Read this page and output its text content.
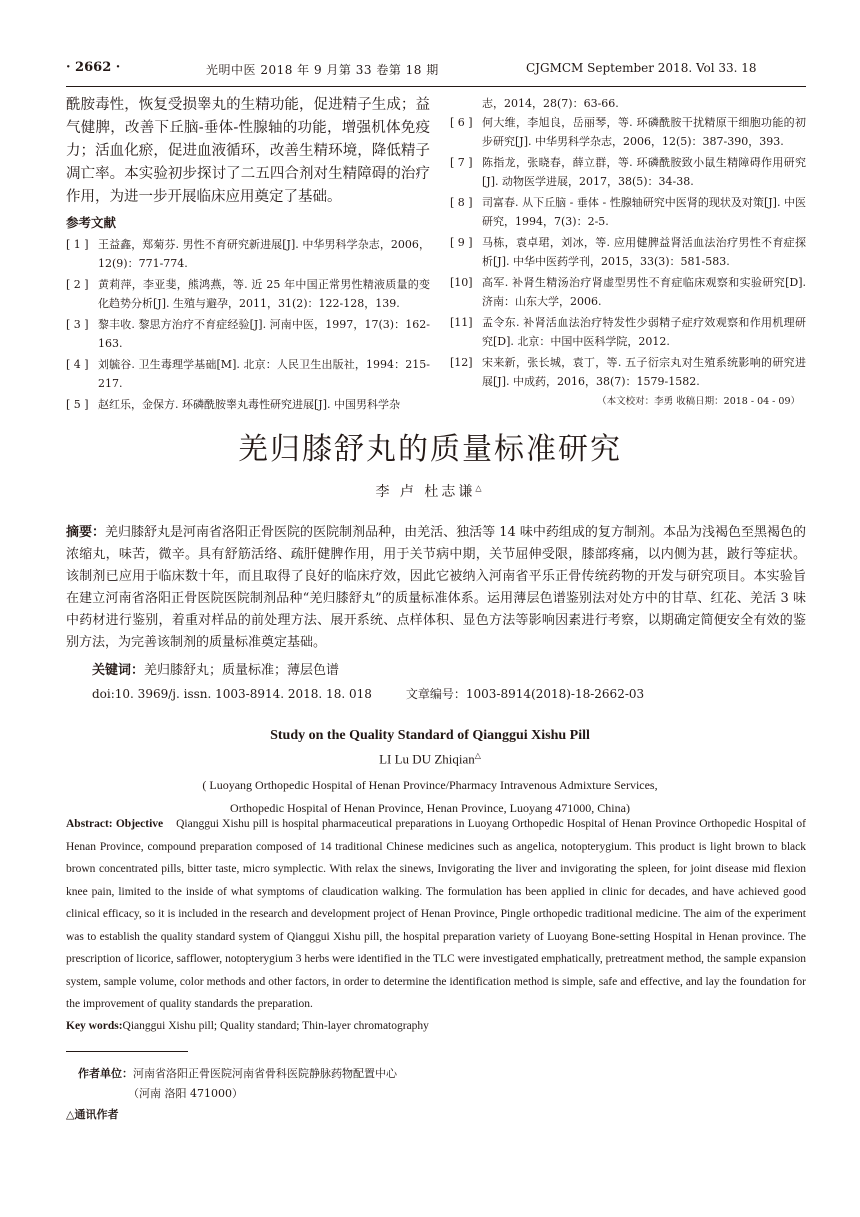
· 2662 ·	光明中医 2018 年 9 月第 33 卷第 18 期	CJGMCM September 2018. Vol 33. 18

酰胺毒性，恢复受损睾丸的生精功能，促进精子生成；益气健脾，改善下丘脑-垂体-性腺轴的功能，增强机体免疫力；活血化瘀，促进血液循环，改善生精环境，降低精子凋亡率。本实验初步探讨了二五四合剂对生精障碍的治疗作用，为进一步开展临床应用奠定了基础。

参考文献
[ 1 ] 王益鑫，郑菊芬. 男性不育研究新进展[J]. 中华男科学杂志，2006，12(9)：771-774.
[ 2 ] 黄莉萍，李亚斐，熊鸿燕，等. 近 25 年中国正常男性精液质量的变化趋势分析[J]. 生殖与避孕，2011，31(2)：122-128，139.
[ 3 ] 黎丰收. 黎思方治疗不育症经验[J]. 河南中医，1997，17(3)：162-163.
[ 4 ] 刘毓谷. 卫生毒理学基础[M]. 北京：人民卫生出版社，1994：215-217.
[ 5 ] 赵红乐，金保方. 环磷酰胺睾丸毒性研究进展[J]. 中国男科学杂
志，2014，28(7)：63-66.
[ 6 ] 何大维，李旭良，岳丽琴，等. 环磷酰胺干扰精原干细胞功能的初步研究[J]. 中华男科学杂志，2006，12(5)：387-390，393.
[ 7 ] 陈指龙，张晓春，薛立群，等. 环磷酰胺致小鼠生精障碍作用研究[J]. 动物医学进展，2017，38(5)：34-38.
[ 8 ] 司富春. 从下丘脑 - 垂体 - 性腺轴研究中医肾的现状及对策[J]. 中医研究，1994，7(3)：2-5.
[ 9 ] 马栋，袁卓珺，刘冰，等. 应用健脾益肾活血法治疗男性不育症探析[J]. 中华中医药学刊，2015，33(3)：581-583.
[10] 高军. 补肾生精汤治疗肾虚型男性不育症临床观察和实验研究[D]. 济南：山东大学，2006.
[11] 孟令东. 补肾活血法治疗特发性少弱精子症疗效观察和作用机理研究[D]. 北京：中国中医科学院，2012.
[12] 宋来新，张长城，袁丁，等. 五子衍宗丸对生殖系统影响的研究进展[J]. 中成药，2016，38(7)：1579-1582.
（本文校对：李勇 收稿日期：2018 - 04 - 09）
羌归膝舒丸的质量标准研究
李 卢 杜志谦△
摘要：羌归膝舒丸是河南省洛阳正骨医院的医院制剂品种，由羌活、独活等 14 味中药组成的复方制剂。本品为浅褐色至黑褐色的浓缩丸，味苦，微辛。具有舒筋活络、疏肝健脾作用，用于关节病中期，关节屈伸受限，膝部疼痛，以内侧为甚，跛行等症状。该制剂已应用于临床数十年，而且取得了良好的临床疗效，因此它被纳入河南省平乐正骨传统药物的开发与研究项目。本实验旨在建立河南省洛阳正骨医院医院制剂品种“羌归膝舒丸”的质量标准体系。运用薄层色谱鉴别法对处方中的甘草、红花、羌活 3 味中药材进行鉴别，着重对样品的前处理方法、展开系统、点样体积、显色方法等影响因素进行考察，以期确定简便安全有效的鉴别方法，为完善该制剂的质量标准奠定基础。
关键词：羌归膝舒丸；质量标准；薄层色谱
doi:10. 3969/j. issn. 1003-8914. 2018. 18. 018	文章编号：1003-8914(2018)-18-2662-03
Study on the Quality Standard of Qianggui Xishu Pill
LI Lu DU Zhiqian△
( Luoyang Orthopedic Hospital of Henan Province/Pharmacy Intravenous Admixture Services,
Orthopedic Hospital of Henan Province, Henan Province, Luoyang 471000, China)
Abstract: Objective Qianggui Xishu pill is hospital pharmaceutical preparations in Luoyang Orthopedic Hospital of Henan Province Orthopedic Hospital of Henan Province, compound preparation composed of 14 traditional Chinese medicines such as angelica, notopterygium. This product is light brown to black brown concentrated pills, bitter taste, micro symplectic. With relax the sinews, Invigorating the liver and invigorating the spleen, for joint disease mid flexion knee pain, limited to the inside of what symptoms of claudication walking. The formulation has been applied in clinic for decades, and have achieved good clinical efficacy, so it is included in the research and development project of Henan Province, Pingle orthopedic traditional medicine. The aim of the experiment was to establish the quality standard system of Qianggui Xishu pill, the hospital preparation variety of Luoyang Bone-setting Hospital in Henan province. The prescription of licorice, safflower, notopterygium 3 herbs were identified in the TLC were investigated emphatically, pretreatment method, the sample expansion system, sample volume, color methods and other factors, in order to determine the identification method is simple, safe and effective, and lay the foundation for the improvement of quality standards the preparation.
Key words:Qianggui Xishu pill; Quality standard; Thin-layer chromatography
作者单位：河南省洛阳正骨医院河南省骨科医院静脉药物配置中心
（河南 洛阳 471000）
△通讯作者
